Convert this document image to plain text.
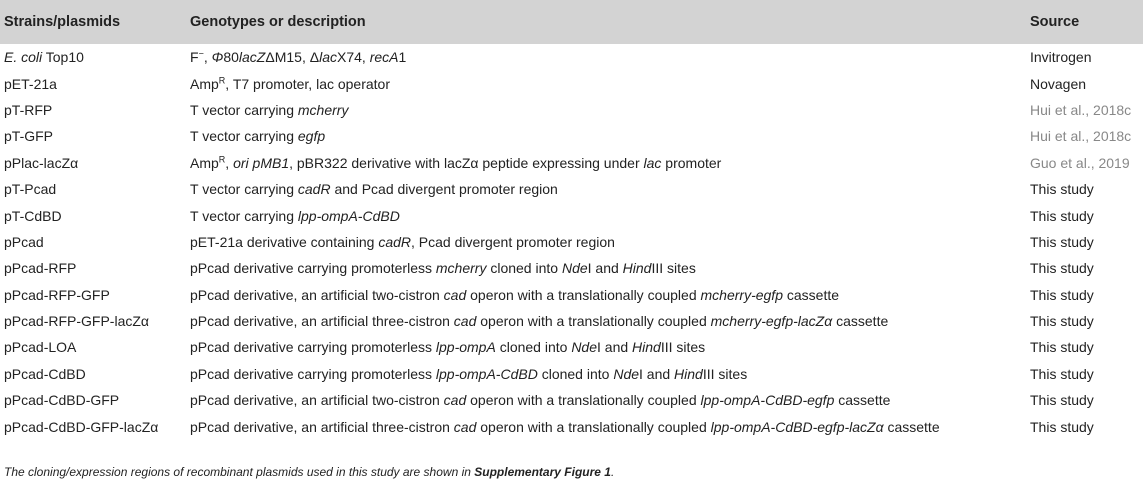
Strains/plasmids	Genotypes or description	Source
E. coli Top10	F−, Φ80lacZΔM15, ΔlacX74, recA1	Invitrogen
pET-21a	Amp$^R$, T7 promoter, lac operator	Novagen
pT-RFP	T vector carrying mcherry	Hui et al., 2018c
pT-GFP	T vector carrying egfp	Hui et al., 2018c
pPlac-lacZα	Amp$^R$, ori pMB1, pBR322 derivative with lacZα peptide expressing under lac promoter	Guo et al., 2019
pT-Pcad	T vector carrying cadR and Pcad divergent promoter region	This study
pT-CdBD	T vector carrying lpp-ompA-CdBD	This study
pPcad	pET-21a derivative containing cadR, Pcad divergent promoter region	This study
pPcad-RFP	pPcad derivative carrying promoterless mcherry cloned into NdeI and HindIII sites	This study
pPcad-RFP-GFP	pPcad derivative, an artificial two-cistron cad operon with a translationally coupled mcherry-egfp cassette	This study
pPcad-RFP-GFP-lacZα	pPcad derivative, an artificial three-cistron cad operon with a translationally coupled mcherry-egfp-lacZα cassette	This study
pPcad-LOA	pPcad derivative carrying promoterless lpp-ompA cloned into NdeI and HindIII sites	This study
pPcad-CdBD	pPcad derivative carrying promoterless lpp-ompA-CdBD cloned into NdeI and HindIII sites	This study
pPcad-CdBD-GFP	pPcad derivative, an artificial two-cistron cad operon with a translationally coupled lpp-ompA-CdBD-egfp cassette	This study
pPcad-CdBD-GFP-lacZα	pPcad derivative, an artificial three-cistron cad operon with a translationally coupled lpp-ompA-CdBD-egfp-lacZα cassette	This study
The cloning/expression regions of recombinant plasmids used in this study are shown in Supplementary Figure 1.
